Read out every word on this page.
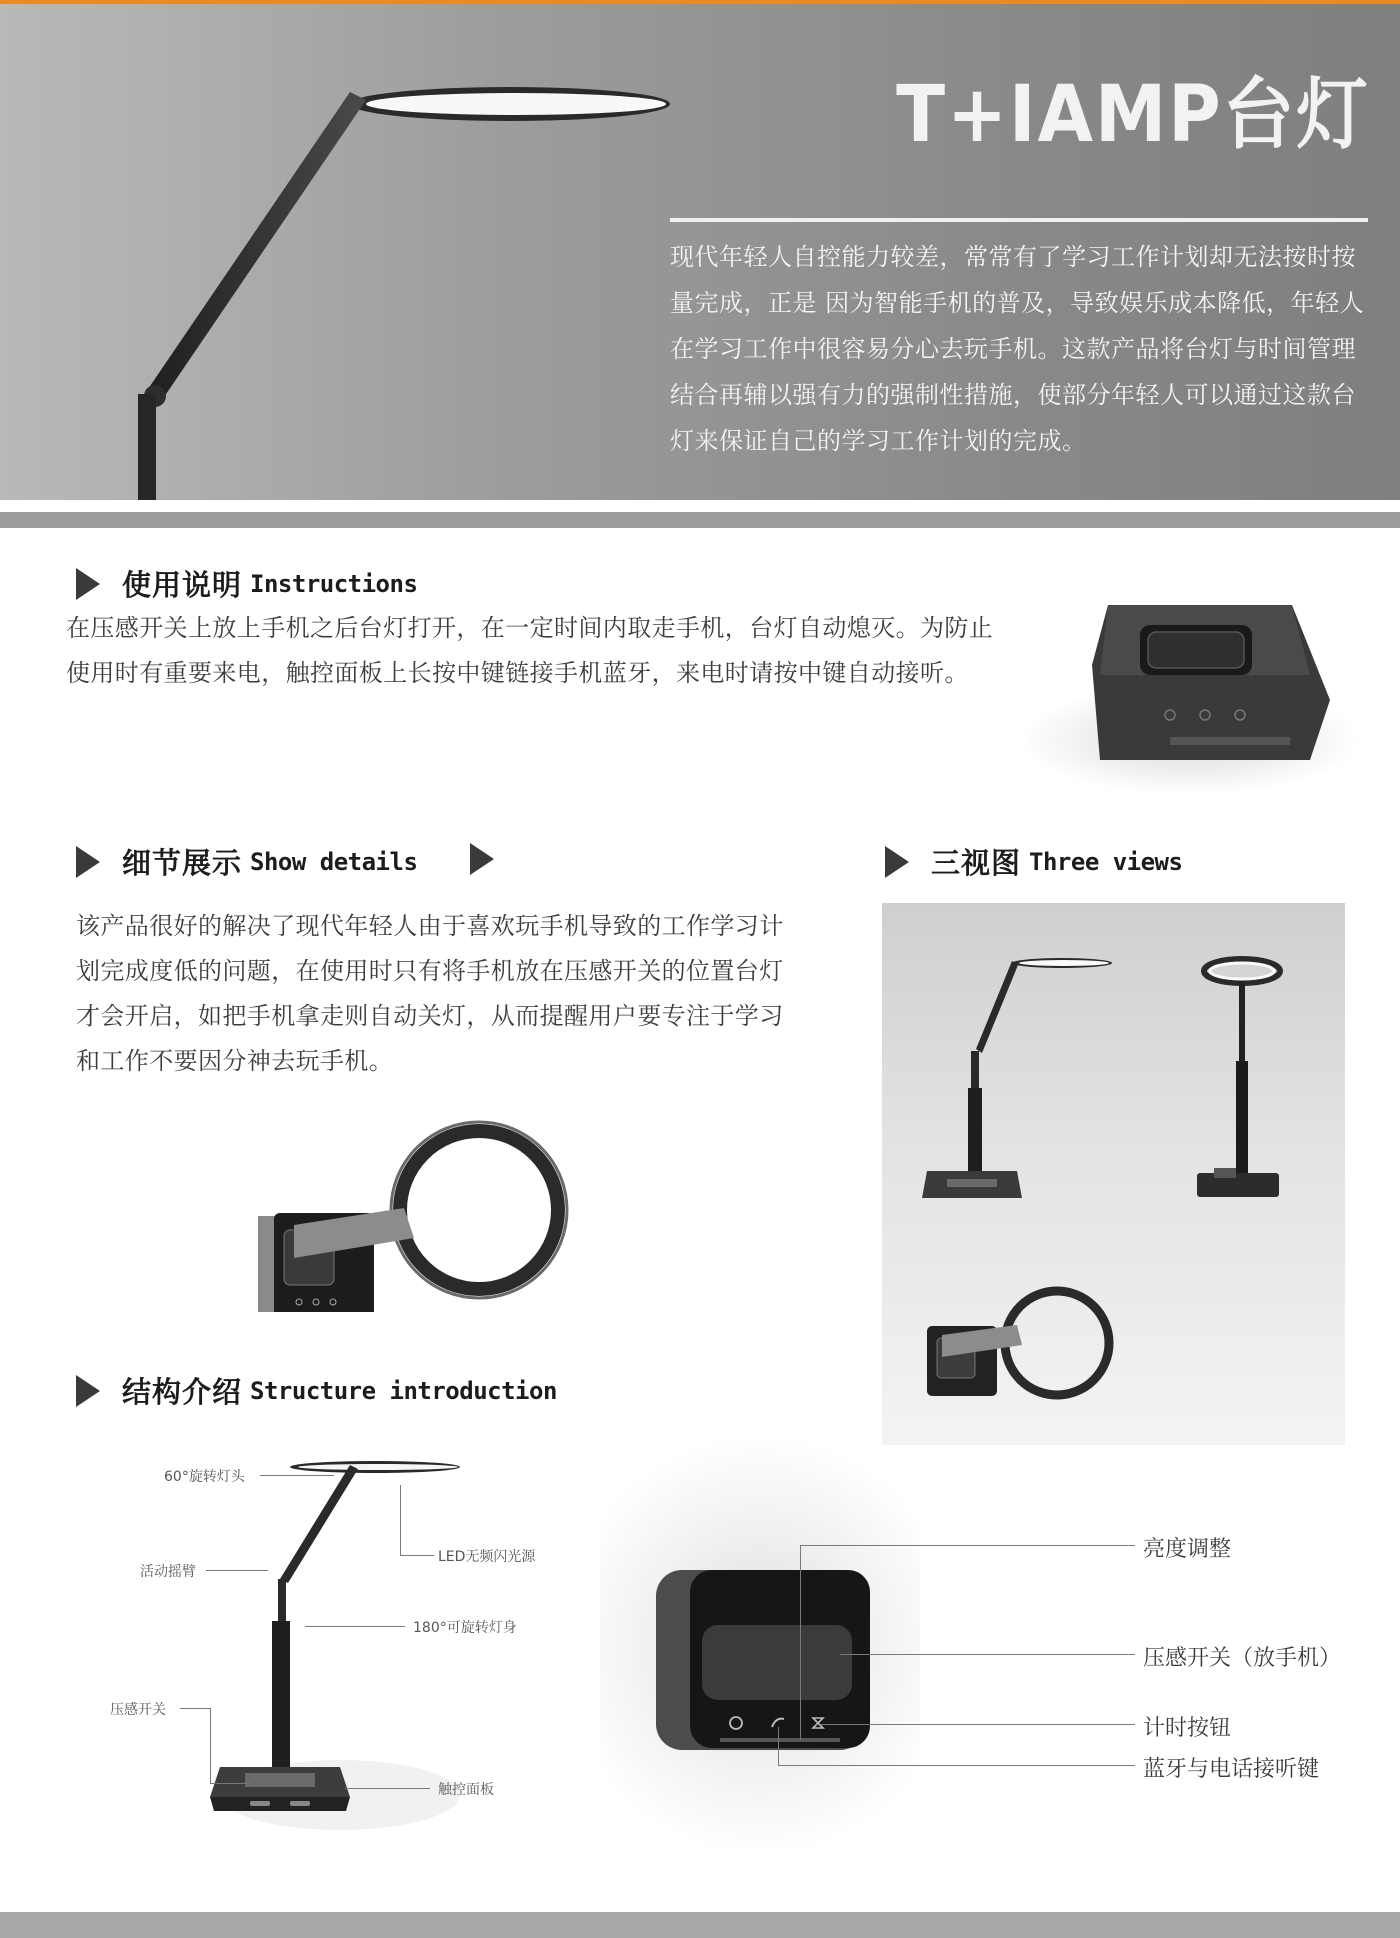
T+IAMP台灯
现代年轻人自控能力较差，常常有了学习工作计划却无法按时按量完成，正是 因为智能手机的普及，导致娱乐成本降低，年轻人在学习工作中很容易分心去玩手机。这款产品将台灯与时间管理结合再辅以强有力的强制性措施，使部分年轻人可以通过这款台灯来保证自己的学习工作计划的完成。
使用说明 Instructions
在压感开关上放上手机之后台灯打开，在一定时间内取走手机，台灯自动熄灭。为防止使用时有重要来电，触控面板上长按中键链接手机蓝牙，来电时请按中键自动接听。
细节展示 Show details
该产品很好的解决了现代年轻人由于喜欢玩手机导致的工作学习计划完成度低的问题，在使用时只有将手机放在压感开关的位置台灯才会开启，如把手机拿走则自动关灯，从而提醒用户要专注于学习和工作不要因分神去玩手机。
三视图 Three views
结构介绍 Structure introduction
60°旋转灯头
LED无频闪光源
活动摇臂
180°可旋转灯身
压感开关
触控面板
亮度调整
压感开关（放手机）
计时按钮
蓝牙与电话接听键
